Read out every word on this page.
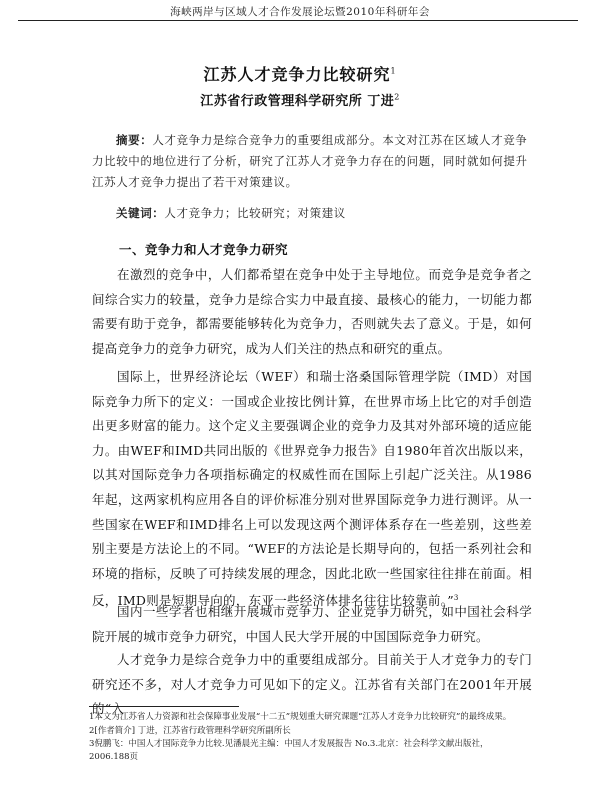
海峡两岸与区域人才合作发展论坛暨2010年科研年会
江苏人才竞争力比较研究$^1$
江苏省行政管理科学研究所 丁进$^2$
摘要：人才竞争力是综合竞争力的重要组成部分。本文对江苏在区域人才竞争力比较中的地位进行了分析，研究了江苏人才竞争力存在的问题，同时就如何提升江苏人才竞争力提出了若干对策建议。
关键词：人才竞争力；比较研究；对策建议
一、竞争力和人才竞争力研究

在激烈的竞争中，人们都希望在竞争中处于主导地位。而竞争是竞争者之间综合实力的较量，竞争力是综合实力中最直接、最核心的能力，一切能力都需要有助于竞争，都需要能够转化为竞争力，否则就失去了意义。于是，如何提高竞争力的竞争力研究，成为人们关注的热点和研究的重点。

国际上，世界经济论坛（WEF）和瑞士洛桑国际管理学院（IMD）对国际竞争力所下的定义：一国或企业按比例计算，在世界市场上比它的对手创造出更多财富的能力。这个定义主要强调企业的竞争力及其对外部环境的适应能力。由WEF和IMD共同出版的《世界竞争力报告》自1980年首次出版以来，以其对国际竞争力各项指标确定的权威性而在国际上引起广泛关注。从1986年起，这两家机构应用各自的评价标准分别对世界国际竞争力进行测评。从一些国家在WEF和IMD排名上可以发现这两个测评体系存在一些差别，这些差别主要是方法论上的不同。“WEF的方法论是长期导向的，包括一系列社会和环境的指标，反映了可持续发展的理念，因此北欧一些国家往往排在前面。相反，IMD则是短期导向的，东亚一些经济体排名往往比较靠前。”$^3$

国内一些学者也相继开展城市竞争力、企业竞争力研究，如中国社会科学院开展的城市竞争力研究，中国人民大学开展的中国国际竞争力研究。

人才竞争力是综合竞争力中的重要组成部分。目前关于人才竞争力的专门研究还不多，对人才竞争力可见如下的定义。江苏省有关部门在2001年开展的“入

1本文为江苏省人力资源和社会保障事业发展“十二五”规划重大研究课题“江苏人才竞争力比较研究”的最终成果。
2[作者简介] 丁进，江苏省行政管理科学研究所副所长
3倪鹏飞：中国人才国际竞争力比较.见潘晨光主编：中国人才发展报告 No.3.北京：社会科学文献出版社，2006.188页
